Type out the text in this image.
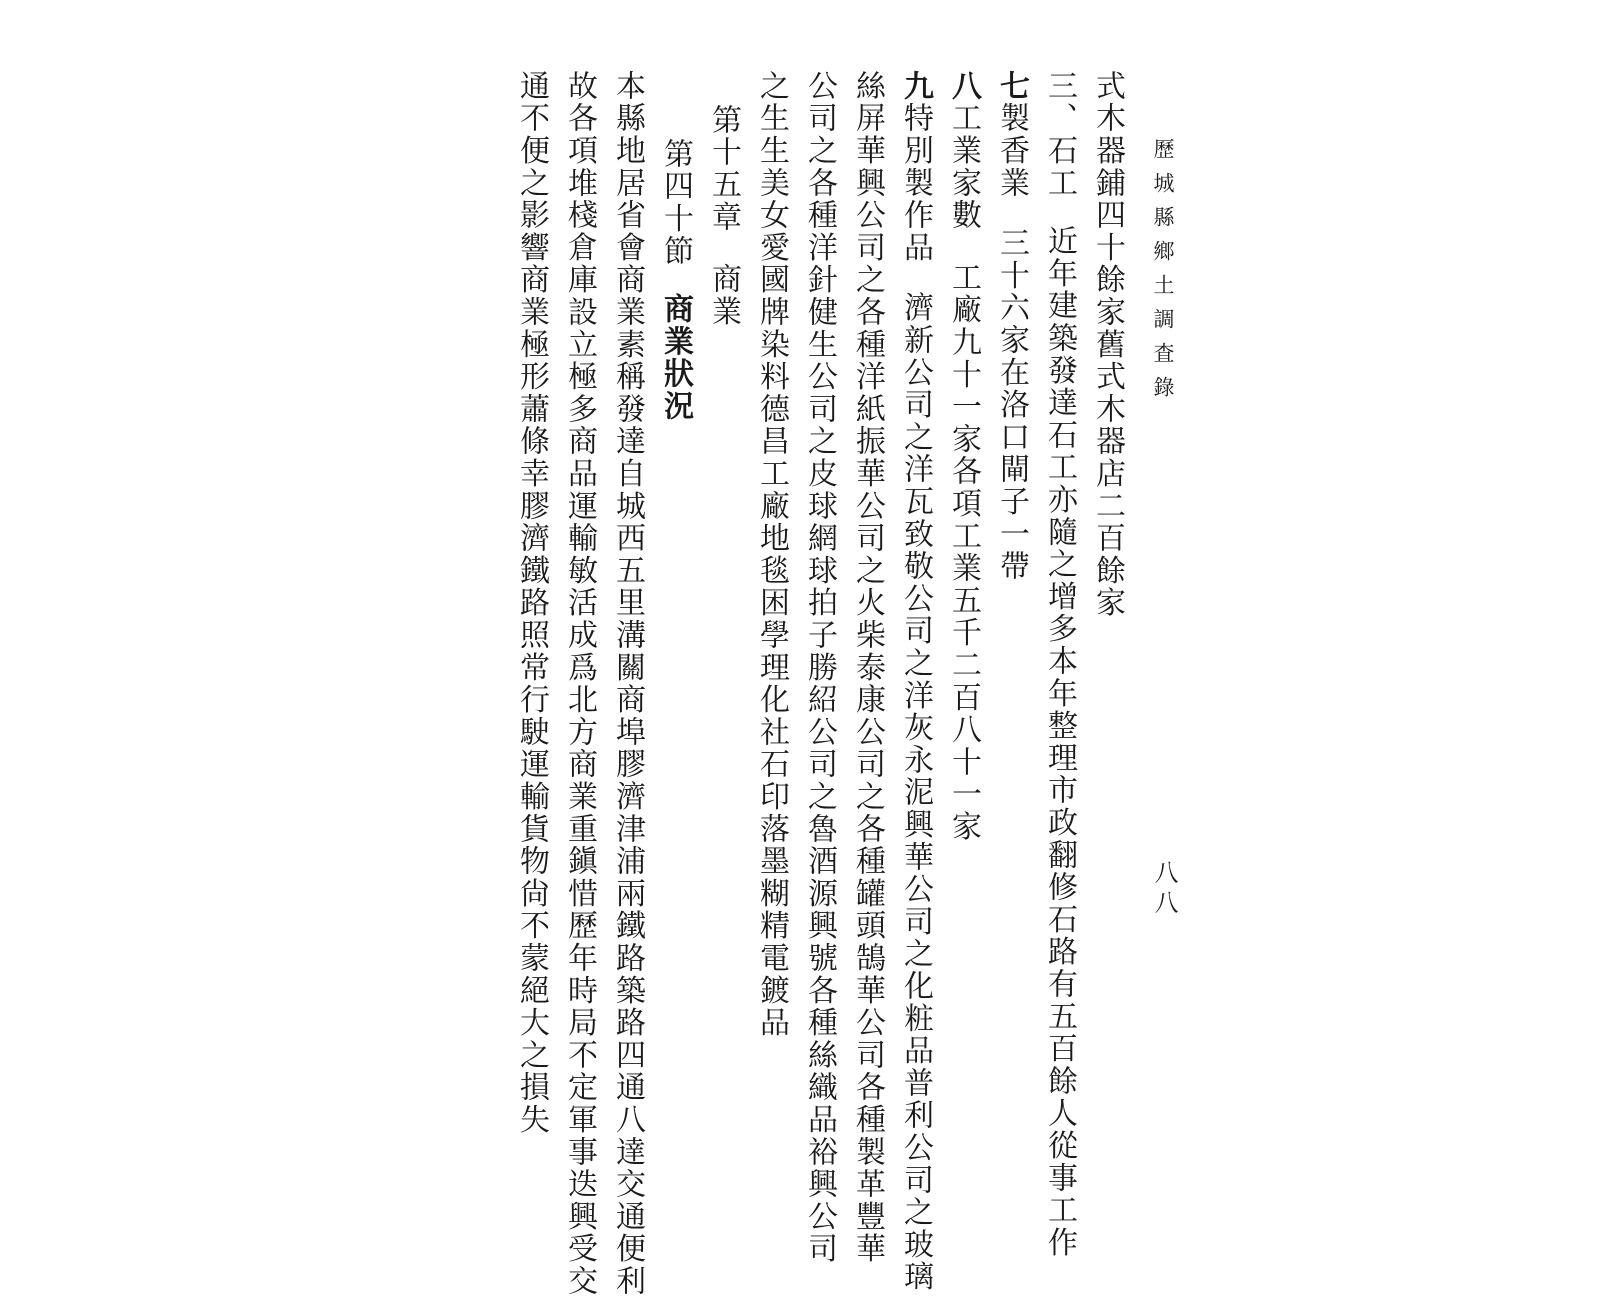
歷城縣鄉土調査錄
八八
式木器鋪四十餘家舊式木器店二百餘家
三、石工近年建築發達石工亦隨之增多本年整理市政翻修石路有五百餘人從事工作
七製香業三十六家在洛口閘子一帶
八工業家數工廠九十一家各項工業五千二百八十一家
九特別製作品濟新公司之洋瓦致敬公司之洋灰永泥興華公司之化粧品普利公司之玻璃
絲屏華興公司之各種洋紙振華公司之火柴泰康公司之各種罐頭鵠華公司各種製革豐華
公司之各種洋針健生公司之皮球網球拍子勝紹公司之魯酒源興號各種絲織品裕興公司
之生生美女愛國牌染料德昌工廠地毯困學理化社石印落墨糊精電鍍品
第十五章商業
第四十節商業狀況
本縣地居省會商業素稱發達自城西五里溝關商埠膠濟津浦兩鐵路築路四通八達交通便利
故各項堆棧倉庫設立極多商品運輸敏活成爲北方商業重鎭惜歷年時局不定軍事迭興受交
通不便之影響商業極形蕭條幸膠濟鐵路照常行駛運輸貨物尙不蒙絕大之損失
